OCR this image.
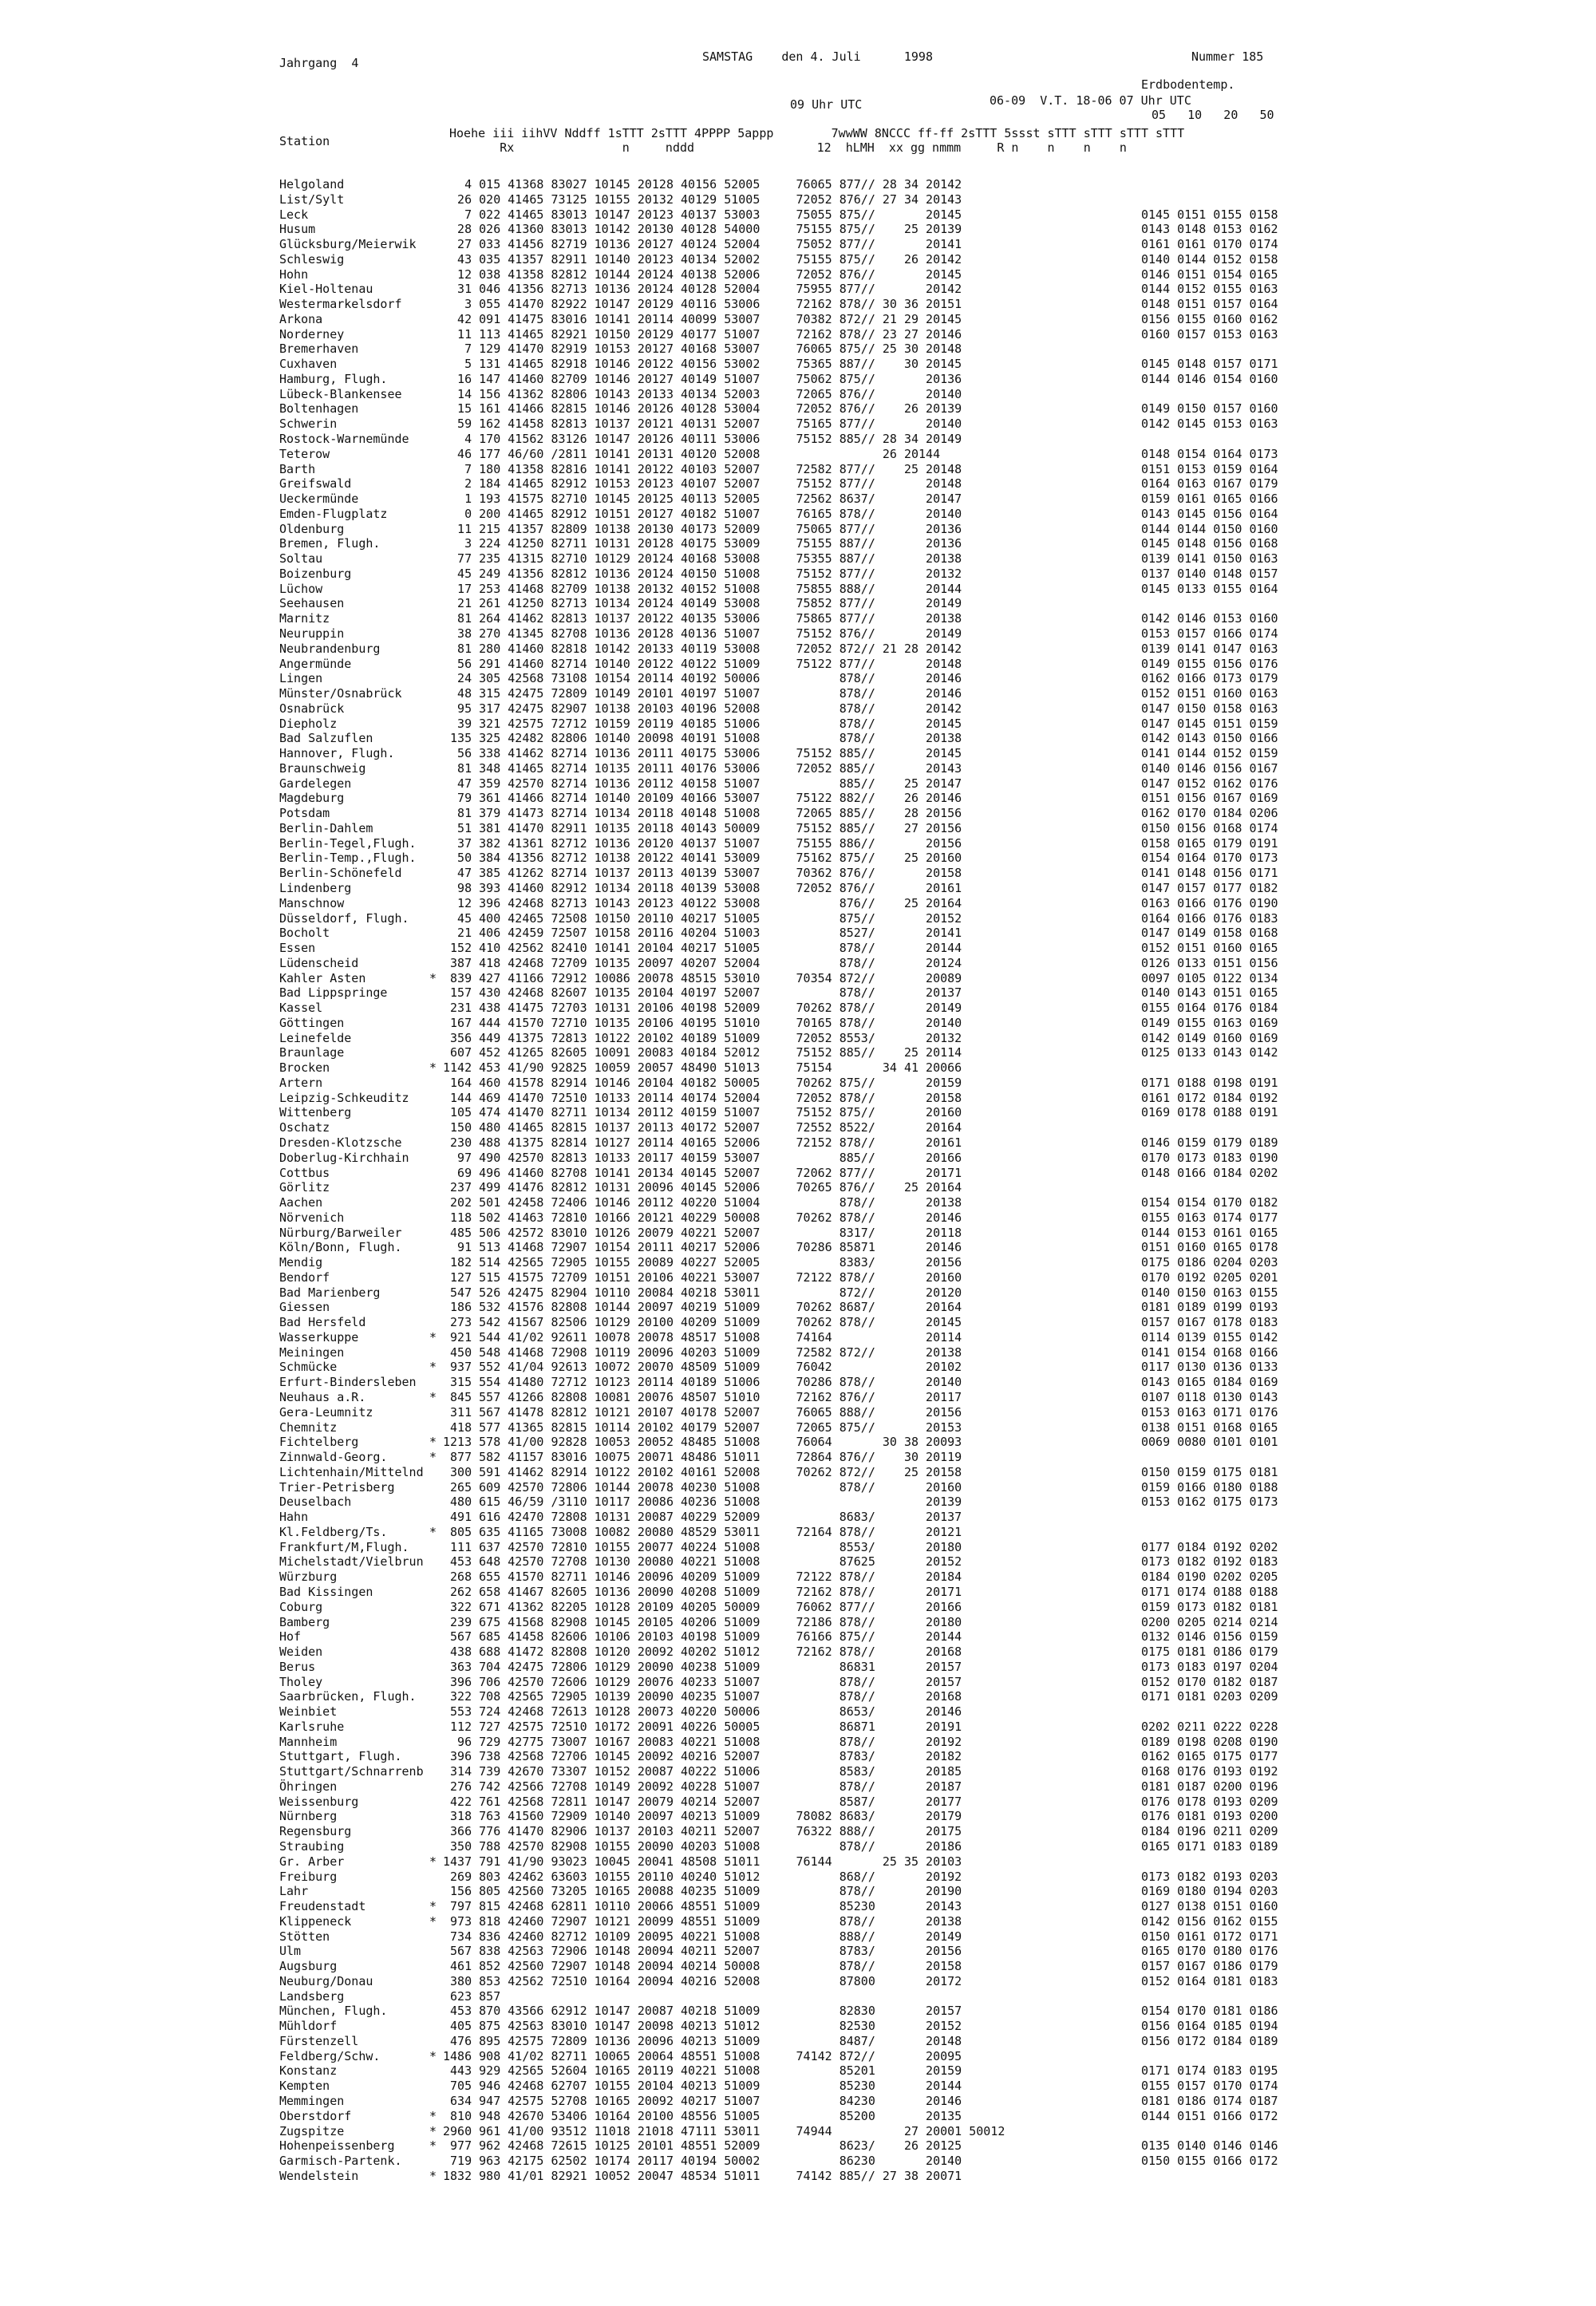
Jahrgang 4	SAMSTAG den 4. Juli	1998	Nummer 185
Erdbodentemp.
09 Uhr UTC	06-09  V.T. 18-06 07 Uhr UTC
05   10   20   50
Hoehe iii iihVV Nddff 1sTTT 2sTTT 4PPPP 5appp        7wwWW 8NCCC ff-ff 2sTTT 5ssst sTTT sTTT sTTT sTTT
Rx               n     nddd                 12  hLMH  xx gg nmmm     R n    n    n    n
Station
Helgoland	4 015 41368 83027 10145 20128 40156 52005     76065 877// 28 34 20142
List/Sylt	26 020 41465 73125 10155 20132 40129 51005     72052 876// 27 34 20143
Leck	7 022 41465 83013 10147 20123 40137 53003     75055 875//       20145	0145 0151 0155 0158
Husum	28 026 41360 83013 10142 20130 40128 54000     75155 875//    25 20139	0143 0148 0153 0162
Glücksburg/Meierwik 27 033 41456 82719 10136 20127 40124 52004     75052 877//       20141	0161 0161 0170 0174
Schleswig	43 035 41357 82911 10140 20123 40134 52002     75155 875//    26 20142	0140 0144 0152 0158
Hohn	12 038 41358 82812 10144 20124 40138 52006     72052 876//       20145	0146 0151 0154 0165
Kiel-Holtenau	31 046 41356 82713 10136 20124 40128 52004     75955 877//       20142	0144 0152 0155 0163
Westermarkelsdorf	3 055 41470 82922 10147 20129 40116 53006     72162 878// 30 36 20151	0148 0151 0157 0164
Arkona	42 091 41475 83016 10141 20114 40099 53007     70382 872// 21 29 20145	0156 0155 0160 0162
Norderney	11 113 41465 82921 10150 20129 40177 51007     72162 878// 23 27 20146	0160 0157 0153 0163
Bremerhaven	7 129 41470 82919 10153 20127 40168 53007     76065 875// 25 30 20148
Cuxhaven	5 131 41465 82918 10146 20122 40156 53002     75365 887//    30 20145	0145 0148 0157 0171
Hamburg, Flugh.	16 147 41460 82709 10146 20127 40149 51007     75062 875//       20136	0144 0146 0154 0160
Lübeck-Blankensee	14 156 41362 82806 10143 20133 40134 52003     72065 876//       20140
Boltenhagen	15 161 41466 82815 10146 20126 40128 53004     72052 876//    26 20139	0149 0150 0157 0160
Schwerin	59 162 41458 82813 10137 20121 40131 52007     75165 877//       20140	0142 0145 0153 0163
Rostock-Warnemünde	4 170 41562 83126 10147 20126 40111 53006     75152 885// 28 34 20149
Teterow	46 177 46/60 /2811 10141 20131 40120 52008                 26 20144	0148 0154 0164 0173
Barth	7 180 41358 82816 10141 20122 40103 52007     72582 877//    25 20148	0151 0153 0159 0164
Greifswald	2 184 41465 82912 10153 20123 40107 52007     75152 877//       20148	0164 0163 0167 0179
Ueckermünde	1 193 41575 82710 10145 20125 40113 52005     72562 8637/       20147	0159 0161 0165 0166
Emden-Flugplatz	0 200 41465 82912 10151 20127 40182 51007     76165 878//       20140	0143 0145 0156 0164
Oldenburg	11 215 41357 82809 10138 20130 40173 52009     75065 877//       20136	0144 0144 0150 0160
Bremen, Flugh.	3 224 41250 82711 10131 20128 40175 53009     75155 887//       20136	0145 0148 0156 0168
Soltau	77 235 41315 82710 10129 20124 40168 53008     75355 887//       20138	0139 0141 0150 0163
Boizenburg	45 249 41356 82812 10136 20124 40150 51008     75152 877//       20132	0137 0140 0148 0157
Lüchow	17 253 41468 82709 10138 20132 40152 51008     75855 888//       20144	0145 0133 0155 0164
Seehausen	21 261 41250 82713 10134 20124 40149 53008     75852 877//       20149
Marnitz	81 264 41462 82813 10137 20122 40135 53006     75865 877//       20138	0142 0146 0153 0160
Neuruppin	38 270 41345 82708 10136 20128 40136 51007     75152 876//       20149	0153 0157 0166 0174
Neubrandenburg	81 280 41460 82818 10142 20133 40119 53008     72052 872// 21 28 20142	0139 0141 0147 0163
Angermünde	56 291 41460 82714 10140 20122 40122 51009     75122 877//       20148	0149 0155 0156 0176
Lingen	24 305 42568 73108 10154 20114 40192 50006           878//       20146	0162 0166 0173 0179
Münster/Osnabrück	48 315 42475 72809 10149 20101 40197 51007           878//       20146	0152 0151 0160 0163
Osnabrück	95 317 42475 82907 10138 20103 40196 52008           878//       20142	0147 0150 0158 0163
Diepholz	39 321 42575 72712 10159 20119 40185 51006           878//       20145	0147 0145 0151 0159
Bad Salzuflen	135 325 42482 82806 10140 20098 40191 51008           878//       20138	0142 0143 0150 0166
Hannover, Flugh.	56 338 41462 82714 10136 20111 40175 53006     75152 885//       20145	0141 0144 0152 0159
Braunschweig	81 348 41465 82714 10135 20111 40176 53006     72052 885//       20143	0140 0146 0156 0167
Gardelegen	47 359 42570 82714 10136 20112 40158 51007           885//    25 20147	0147 0152 0162 0176
Magdeburg	79 361 41466 82714 10140 20109 40166 53007     75122 882//    26 20146	0151 0156 0167 0169
Potsdam	81 379 41473 82714 10134 20118 40148 51008     72065 885//    28 20156	0162 0170 0184 0206
Berlin-Dahlem	51 381 41470 82911 10135 20118 40143 50009     75152 885//    27 20156	0150 0156 0168 0174
Berlin-Tegel,Flugh. 37 382 41361 82712 10136 20120 40137 51007     75155 886//       20156	0158 0165 0179 0191
Berlin-Temp.,Flugh. 50 384 41356 82712 10138 20122 40141 53009     75162 875//    25 20160	0154 0164 0170 0173
Berlin-Schönefeld	47 385 41262 82714 10137 20113 40139 53007     70362 876//       20158	0141 0148 0156 0171
Lindenberg	98 393 41460 82912 10134 20118 40139 53008     72052 876//       20161	0147 0157 0177 0182
Manschnow	12 396 42468 82713 10143 20123 40122 53008           876//    25 20164	0163 0166 0176 0190
Düsseldorf, Flugh.	45 400 42465 72508 10150 20110 40217 51005           875//       20152	0164 0166 0176 0183
Bocholt	21 406 42459 72507 10158 20116 40204 51003           8527/       20141	0147 0149 0158 0168
Essen	152 410 42562 82410 10141 20104 40217 51005           878//       20144	0152 0151 0160 0165
Lüdenscheid	387 418 42468 72709 10135 20097 40207 52004           878//       20124	0126 0133 0151 0156
Kahler Asten	* 839 427 41166 72912 10086 20078 48515 53010     70354 872//       20089	0097 0105 0122 0134
Bad Lippspringe	157 430 42468 82607 10135 20104 40197 52007           878//       20137	0140 0143 0151 0165
Kassel	231 438 41475 72703 10131 20106 40198 52009     70262 878//       20149	0155 0164 0176 0184
Göttingen	167 444 41570 72710 10135 20106 40195 51010     70165 878//       20140	0149 0155 0163 0169
Leinefelde	356 449 41375 72813 10122 20102 40189 51009     72052 8553/       20132	0142 0149 0160 0169
Braunlage	607 452 41265 82605 10091 20083 40184 52012     75152 885//    25 20114	0125 0133 0143 0142
Brocken	* 1142 453 41/90 92825 10059 20057 48490 51013     75154       34 41 20066
Artern	164 460 41578 82914 10146 20104 40182 50005     70262 875//       20159	0171 0188 0198 0191
Leipzig-Schkeuditz	144 469 41470 72510 10133 20114 40174 52004     72052 878//       20158	0161 0172 0184 0192
Wittenberg	105 474 41470 82711 10134 20112 40159 51007     75152 875//       20160	0169 0178 0188 0191
Oschatz	150 480 41465 82815 10137 20113 40172 52007     72552 8522/       20164
Dresden-Klotzsche	230 488 41375 82814 10127 20114 40165 52006     72152 878//       20161	0146 0159 0179 0189
Doberlug-Kirchhain	97 490 42570 82813 10133 20117 40159 53007           885//       20166	0170 0173 0183 0190
Cottbus	69 496 41460 82708 10141 20134 40145 52007     72062 877//       20171	0148 0166 0184 0202
Görlitz	237 499 41476 82812 10131 20096 40145 52006     70265 876//    25 20164
Aachen	202 501 42458 72406 10146 20112 40220 51004           878//       20138	0154 0154 0170 0182
Nörvenich	118 502 41463 72810 10166 20121 40229 50008     70262 878//       20146	0155 0163 0174 0177
Nürburg/Barweiler	485 506 42572 83010 10126 20079 40221 52007           8317/       20118	0144 0153 0161 0165
Köln/Bonn, Flugh.	91 513 41468 72907 10154 20111 40217 52006     70286 85871       20146	0151 0160 0165 0178
Mendig	182 514 42565 72905 10155 20089 40227 52005           8383/       20156	0175 0186 0204 0203
Bendorf	127 515 41575 72709 10151 20106 40221 53007     72122 878//       20160	0170 0192 0205 0201
Bad Marienberg	547 526 42475 82904 10110 20084 40218 53011           872//       20120	0140 0150 0163 0155
Giessen	186 532 41576 82808 10144 20097 40219 51009     70262 8687/       20164	0181 0189 0199 0193
Bad Hersfeld	273 542 41567 82506 10129 20100 40209 51009     70262 878//       20145	0157 0167 0178 0183
Wasserkuppe	* 921 544 41/02 92611 10078 20078 48517 51008     74164             20114	0114 0139 0155 0142
Meiningen	450 548 41468 72908 10119 20096 40203 51009     72582 872//       20138	0141 0154 0168 0166
Schmücke	* 937 552 41/04 92613 10072 20070 48509 51009     76042             20102	0117 0130 0136 0133
Erfurt-Bindersleben 315 554 41480 72712 10123 20114 40189 51006     70286 878//       20140	0143 0165 0184 0169
Neuhaus a.R.	* 845 557 41266 82808 10081 20076 48507 51010     72162 876//       20117	0107 0118 0130 0143
Gera-Leumnitz	311 567 41478 82812 10121 20107 40178 52007     76065 888//       20156	0153 0163 0171 0176
Chemnitz	418 577 41365 82815 10114 20102 40179 52007     72065 875//       20153	0138 0151 0168 0165
Fichtelberg	* 1213 578 41/00 92828 10053 20052 48485 51008     76064       30 38 20093	0069 0080 0101 0101
Zinnwald-Georg.	* 877 582 41157 83016 10075 20071 48486 51011     72864 876//    30 20119
Lichtenhain/Mittelnd 300 591 41462 82914 10122 20102 40161 52008     70262 872//    25 20158	0150 0159 0175 0181
Trier-Petrisberg	265 609 42570 72806 10144 20078 40230 51008           878//       20160	0159 0166 0180 0188
Deuselbach	480 615 46/59 /3110 10117 20086 40236 51008                       20139	0153 0162 0175 0173
Hahn	491 616 42470 72808 10131 20087 40229 52009           8683/       20137
Kl.Feldberg/Ts.	* 805 635 41165 73008 10082 20080 48529 53011     72164 878//       20121
Frankfurt/M,Flugh.	111 637 42570 72810 10155 20077 40224 51008           8553/       20180	0177 0184 0192 0202
Michelstadt/Vielbrun 453 648 42570 72708 10130 20080 40221 51008           87625       20152	0173 0182 0192 0183
Würzburg	268 655 41570 82711 10146 20096 40209 51009     72122 878//       20184	0184 0190 0202 0205
Bad Kissingen	262 658 41467 82605 10136 20090 40208 51009     72162 878//       20171	0171 0174 0188 0188
Coburg	322 671 41362 82205 10128 20109 40205 50009     76062 877//       20166	0159 0173 0182 0181
Bamberg	239 675 41568 82908 10145 20105 40206 51009     72186 878//       20180	0200 0205 0214 0214
Hof	567 685 41458 82606 10106 20103 40198 51009     76166 875//       20144	0132 0146 0156 0159
Weiden	438 688 41472 82808 10120 20092 40202 51012     72162 878//       20168	0175 0181 0186 0179
Berus	363 704 42475 72806 10129 20090 40238 51009           86831       20157	0173 0183 0197 0204
Tholey	396 706 42570 72606 10129 20076 40233 51007           878//       20157	0152 0170 0182 0187
Saarbrücken, Flugh. 322 708 42565 72905 10139 20090 40235 51007           878//       20168	0171 0181 0203 0209
Weinbiet	553 724 42468 72613 10128 20073 40220 50006           8653/       20146
Karlsruhe	112 727 42575 72510 10172 20091 40226 50005           86871       20191	0202 0211 0222 0228
Mannheim	96 729 42775 73007 10167 20083 40221 51008           878//       20192	0189 0198 0208 0190
Stuttgart, Flugh.	396 738 42568 72706 10145 20092 40216 52007           8783/       20182	0162 0165 0175 0177
Stuttgart/Schnarrenb 314 739 42670 73307 10152 20087 40222 51006           8583/       20185	0168 0176 0193 0192
Öhringen	276 742 42566 72708 10149 20092 40228 51007           878//       20187	0181 0187 0200 0196
Weissenburg	422 761 42568 72811 10147 20079 40214 52007           8587/       20177	0176 0178 0193 0209
Nürnberg	318 763 41560 72909 10140 20097 40213 51009     78082 8683/       20179	0176 0181 0193 0200
Regensburg	366 776 41470 82906 10137 20103 40211 52007     76322 888//       20175	0184 0196 0211 0209
Straubing	350 788 42570 82908 10155 20090 40203 51008           878//       20186	0165 0171 0183 0189
Gr. Arber	* 1437 791 41/90 93023 10045 20041 48508 51011     76144       25 35 20103
Freiburg	269 803 42462 63603 10155 20110 40240 51012           868//       20192	0173 0182 0193 0203
Lahr	156 805 42560 73205 10165 20088 40235 51009           878//       20190	0169 0180 0194 0203
Freudenstadt	* 797 815 42468 62811 10110 20066 48551 51009           85230       20143	0127 0138 0151 0160
Klippeneck	* 973 818 42460 72907 10121 20099 48551 51009           878//       20138	0142 0156 0162 0155
Stötten	734 836 42460 82712 10109 20095 40221 51008           888//       20149	0150 0161 0172 0171
Ulm	567 838 42563 72906 10148 20094 40211 52007           8783/       20156	0165 0170 0180 0176
Augsburg	461 852 42560 72907 10148 20094 40214 50008           878//       20158	0157 0167 0186 0179
Neuburg/Donau	380 853 42562 72510 10164 20094 40216 52008           87800       20172	0152 0164 0181 0183
Landsberg	623 857
München, Flugh.	453 870 43566 62912 10147 20087 40218 51009           82830       20157	0154 0170 0181 0186
Mühldorf	405 875 42563 83010 10147 20098 40213 51012           82530       20152	0156 0164 0185 0194
Fürstenzell	476 895 42575 72809 10136 20096 40213 51009           8487/       20148	0156 0172 0184 0189
Feldberg/Schw.	* 1486 908 41/02 82711 10065 20064 48551 51008     74142 872//       20095
Konstanz	443 929 42565 52604 10165 20119 40221 51008           85201       20159	0171 0174 0183 0195
Kempten	705 946 42468 62707 10155 20104 40213 51009           85230       20144	0155 0157 0170 0174
Memmingen	634 947 42575 52708 10165 20092 40217 51007           84230       20146	0181 0186 0174 0187
Oberstdorf	* 810 948 42670 53406 10164 20100 48556 51005           85200       20135	0144 0151 0166 0172
Zugspitze	* 2960 961 41/00 93512 11018 21018 47111 53011     74944          27 20001 50012
Hohenpeissenberg	* 977 962 42468 72615 10125 20101 48551 52009           8623/    26 20125	0135 0140 0146 0146
Garmisch-Partenk.	719 963 42175 62502 10174 20117 40194 50002           86230       20140	0150 0155 0166 0172
Wendelstein	* 1832 980 41/01 82921 10052 20047 48534 51011     74142 885// 27 38 20071
